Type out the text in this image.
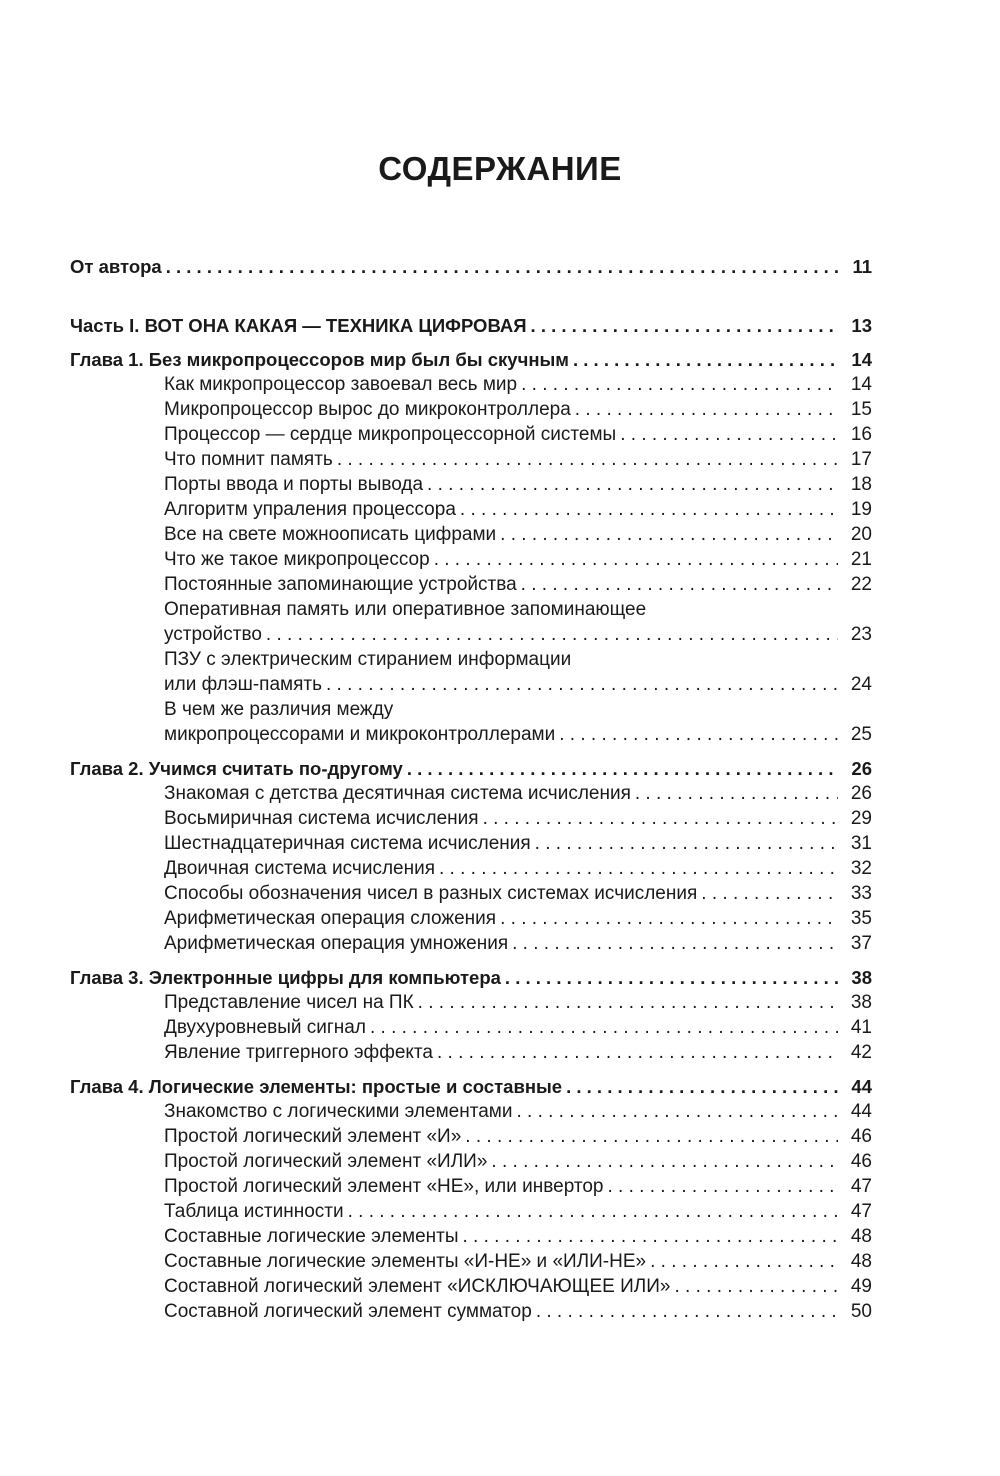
СОДЕРЖАНИЕ
От автора . . .	11
Часть I. ВОТ ОНА КАКАЯ — ТЕХНИКА ЦИФРОВАЯ . . .	13
Глава 1. Без микропроцессоров мир был бы скучным . . .	14
Как микропроцессор завоевал весь мир . . .	14
Микропроцессор вырос до микроконтроллера . . .	15
Процессор — сердце микропроцессорной системы . . .	16
Что помнит память . . .	17
Порты ввода и порты вывода . . .	18
Алгоритм упраления процессора . . .	19
Все на свете можноописать цифрами . . .	20
Что же такое микропроцессор . . .	21
Постоянные запоминающие устройства . . .	22
Оперативная память или оперативное запоминающее
устройство . . .	23
ПЗУ с электрическим стиранием информации
или флэш-память . . .	24
В чем же различия между
микропроцессорами и микроконтроллерами . . .	25
Глава 2. Учимся считать по-другому . . .	26
Знакомая с детства десятичная система исчисления . . .	26
Восьмиричная система исчисления . . .	29
Шестнадцатеричная система исчисления . . .	31
Двоичная система исчисления . . .	32
Способы обозначения чисел в разных системах исчисления . . .	33
Арифметическая операция сложения . . .	35
Арифметическая операция умножения . . .	37
Глава 3. Электронные цифры для компьютера . . .	38
Представление чисел на ПК . . .	38
Двухуровневый сигнал . . .	41
Явление триггерного эффекта . . .	42
Глава 4. Логические элементы: простые и составные . . .	44
Знакомство с логическими элементами . . .	44
Простой логический элемент «И» . . .	46
Простой логический элемент «ИЛИ» . . .	46
Простой логический элемент «НЕ», или инвертор . . .	47
Таблица истинности . . .	47
Составные логические элементы . . .	48
Составные логические элементы «И-НЕ» и «ИЛИ-НЕ» . . .	48
Составной логический элемент «ИСКЛЮЧАЮЩЕЕ ИЛИ» . . .	49
Составной логический элемент сумматор . . .	50
